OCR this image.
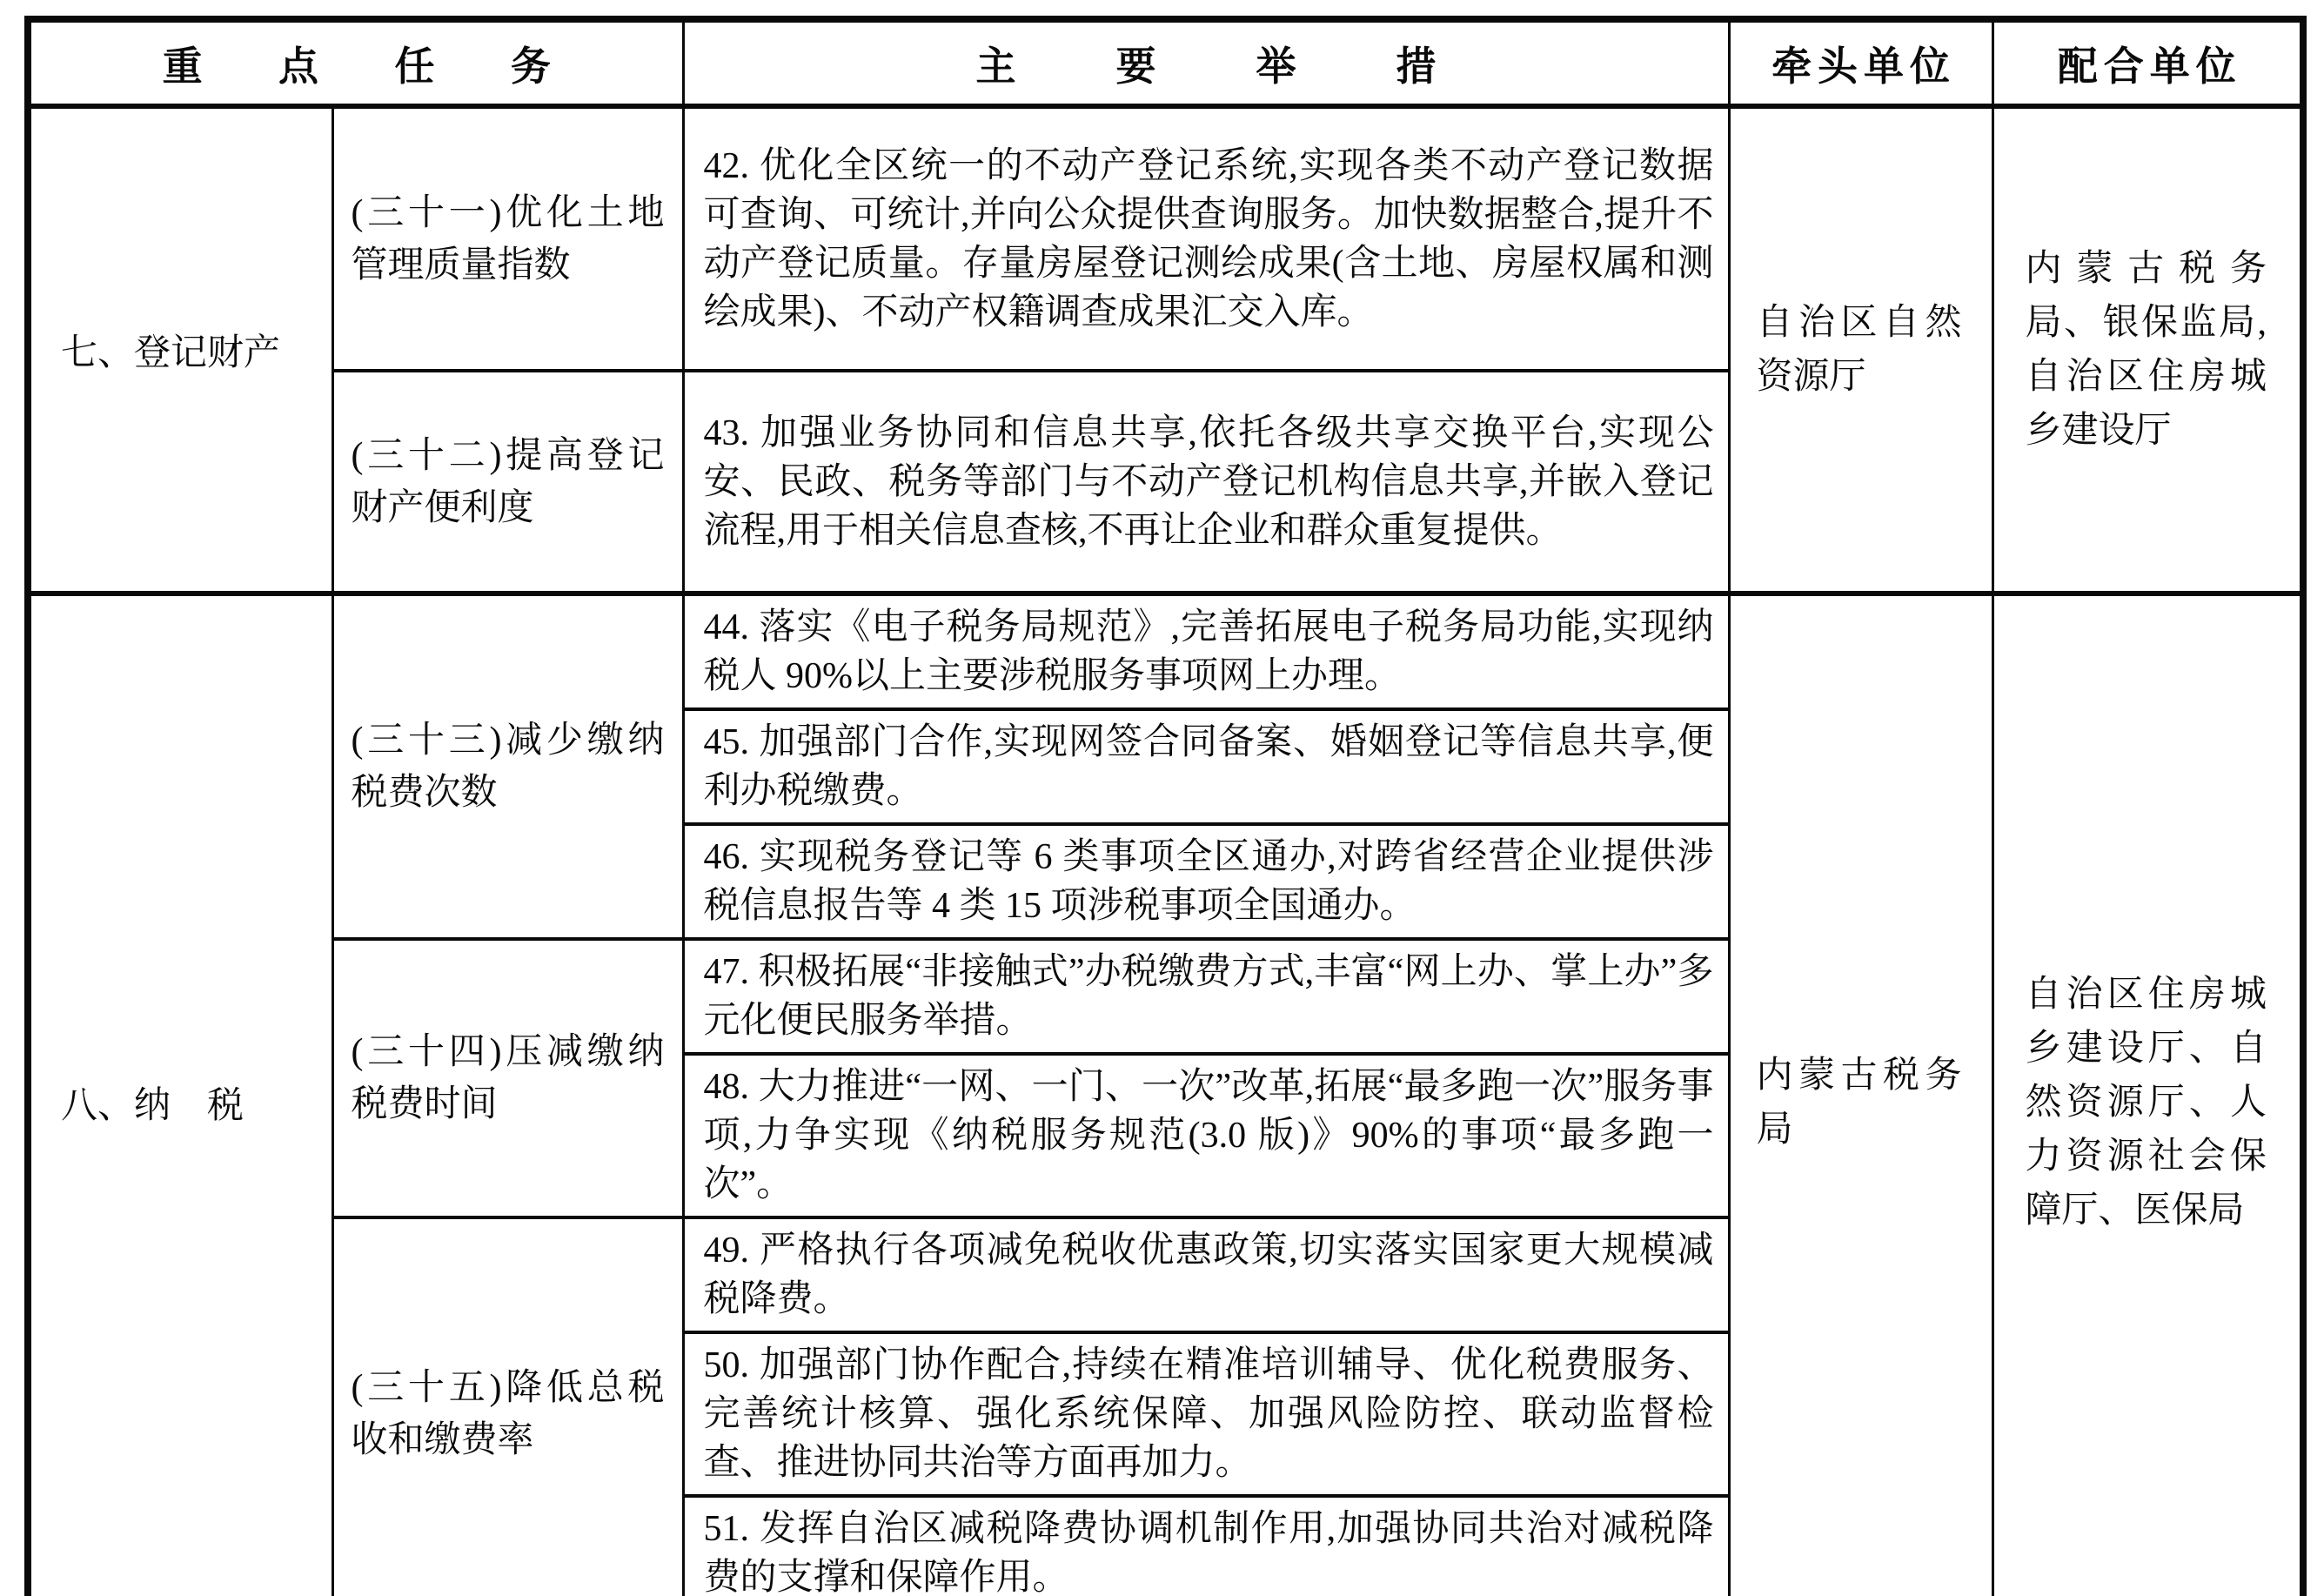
重点任务		主要举措	牵头单位	配合单位
七、登记财产	(三十一)优化土地管理质量指数	42. 优化全区统一的不动产登记系统,实现各类不动产登记数据可查询、可统计,并向公众提供查询服务。加快数据整合,提升不动产登记质量。存量房屋登记测绘成果(含土地、房屋权属和测绘成果)、不动产权籍调查成果汇交入库。	自治区自然资源厅	内蒙古税务局、银保监局,自治区住房城乡建设厅
	(三十二)提高登记财产便利度	43. 加强业务协同和信息共享,依托各级共享交换平台,实现公安、民政、税务等部门与不动产登记机构信息共享,并嵌入登记流程,用于相关信息查核,不再让企业和群众重复提供。		
八、纳　税	(三十三)减少缴纳税费次数	44. 落实《电子税务局规范》,完善拓展电子税务局功能,实现纳税人 90%以上主要涉税服务事项网上办理。	内蒙古税务局	自治区住房城乡建设厅、自然资源厅、人力资源社会保障厅、医保局
		45. 加强部门合作,实现网签合同备案、婚姻登记等信息共享,便利办税缴费。		
		46. 实现税务登记等 6 类事项全区通办,对跨省经营企业提供涉税信息报告等 4 类 15 项涉税事项全国通办。		
	(三十四)压减缴纳税费时间	47. 积极拓展“非接触式”办税缴费方式,丰富“网上办、掌上办”多元化便民服务举措。		
		48. 大力推进“一网、一门、一次”改革,拓展“最多跑一次”服务事项,力争实现《纳税服务规范(3.0 版)》90%的事项“最多跑一次”。		
	(三十五)降低总税收和缴费率	49. 严格执行各项减免税收优惠政策,切实落实国家更大规模减税降费。		
		50. 加强部门协作配合,持续在精准培训辅导、优化税费服务、完善统计核算、强化系统保障、加强风险防控、联动监督检查、推进协同共治等方面再加力。		
		51. 发挥自治区减税降费协调机制作用,加强协同共治对减税降费的支撑和保障作用。		
